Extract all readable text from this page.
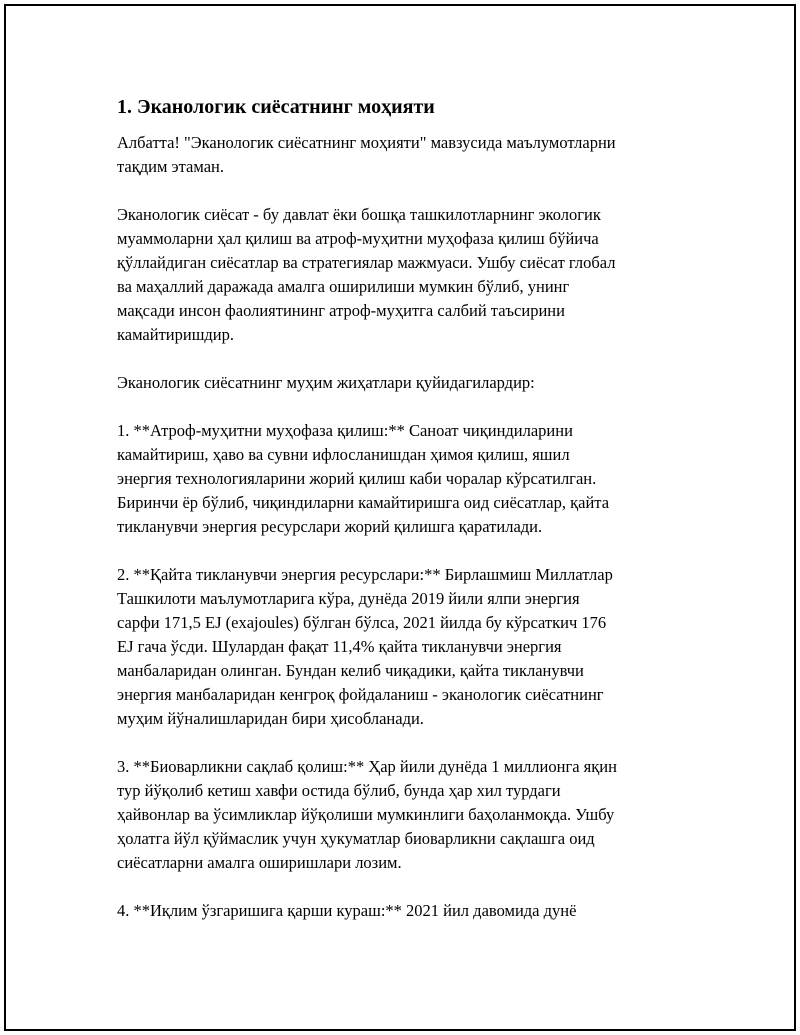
1. Эканологик сиёсатнинг моҳияти

Албатта! "Эканологик сиёсатнинг моҳияти" мавзусида маълумотларни
тақдим этаман.

Эканологик сиёсат - бу давлат ёки бошқа ташкилотларнинг экологик
муаммоларни ҳал қилиш ва атроф-муҳитни муҳофаза қилиш бўйича
қўллайдиган сиёсатлар ва стратегиялар мажмуаси. Ушбу сиёсат глобал
ва маҳаллий даражада амалга оширилиши мумкин бўлиб, унинг
мақсади инсон фаолиятининг атроф-муҳитга салбий таъсирини
камайтиришдир.

Эканологик сиёсатнинг муҳим жиҳатлари қуйидагилардир:

1. **Атроф-муҳитни муҳофаза қилиш:** Саноат чиқиндиларини
камайтириш, ҳаво ва сувни ифлосланишдан ҳимоя қилиш, яшил
энергия технологияларини жорий қилиш каби чоралар кўрсатилган.
Биринчи ёр бўлиб, чиқиндиларни камайтиришга оид сиёсатлар, қайта
тикланувчи энергия ресурслари жорий қилишга қаратилади.

2. **Қайта тикланувчи энергия ресурслари:** Бирлашмиш Миллатлар
Ташкилоти маълумотларига кўра, дунёда 2019 йили ялпи энергия
сарфи 171,5 EJ (exajoules) бўлган бўлса, 2021 йилда бу кўрсаткич 176
EJ гача ўсди. Шулардан фақат 11,4% қайта тикланувчи энергия
манбаларидан олинган. Бундан келиб чиқадики, қайта тикланувчи
энергия манбаларидан кенгроқ фойдаланиш - эканологик сиёсатнинг
муҳим йўналишларидан бири ҳисобланади.

3. **Биоварликни сақлаб қолиш:** Ҳар йили дунёда 1 миллионга яқин
тур йўқолиб кетиш хавфи остида бўлиб, бунда ҳар хил турдаги
ҳайвонлар ва ўсимликлар йўқолиши мумкинлиги баҳоланмоқда. Ушбу
ҳолатга йўл қўймаслик учун ҳукуматлар биоварликни сақлашга оид
сиёсатларни амалга оширишлари лозим.

4. **Иқлим ўзгаришига қарши кураш:** 2021 йил давомида дунё
